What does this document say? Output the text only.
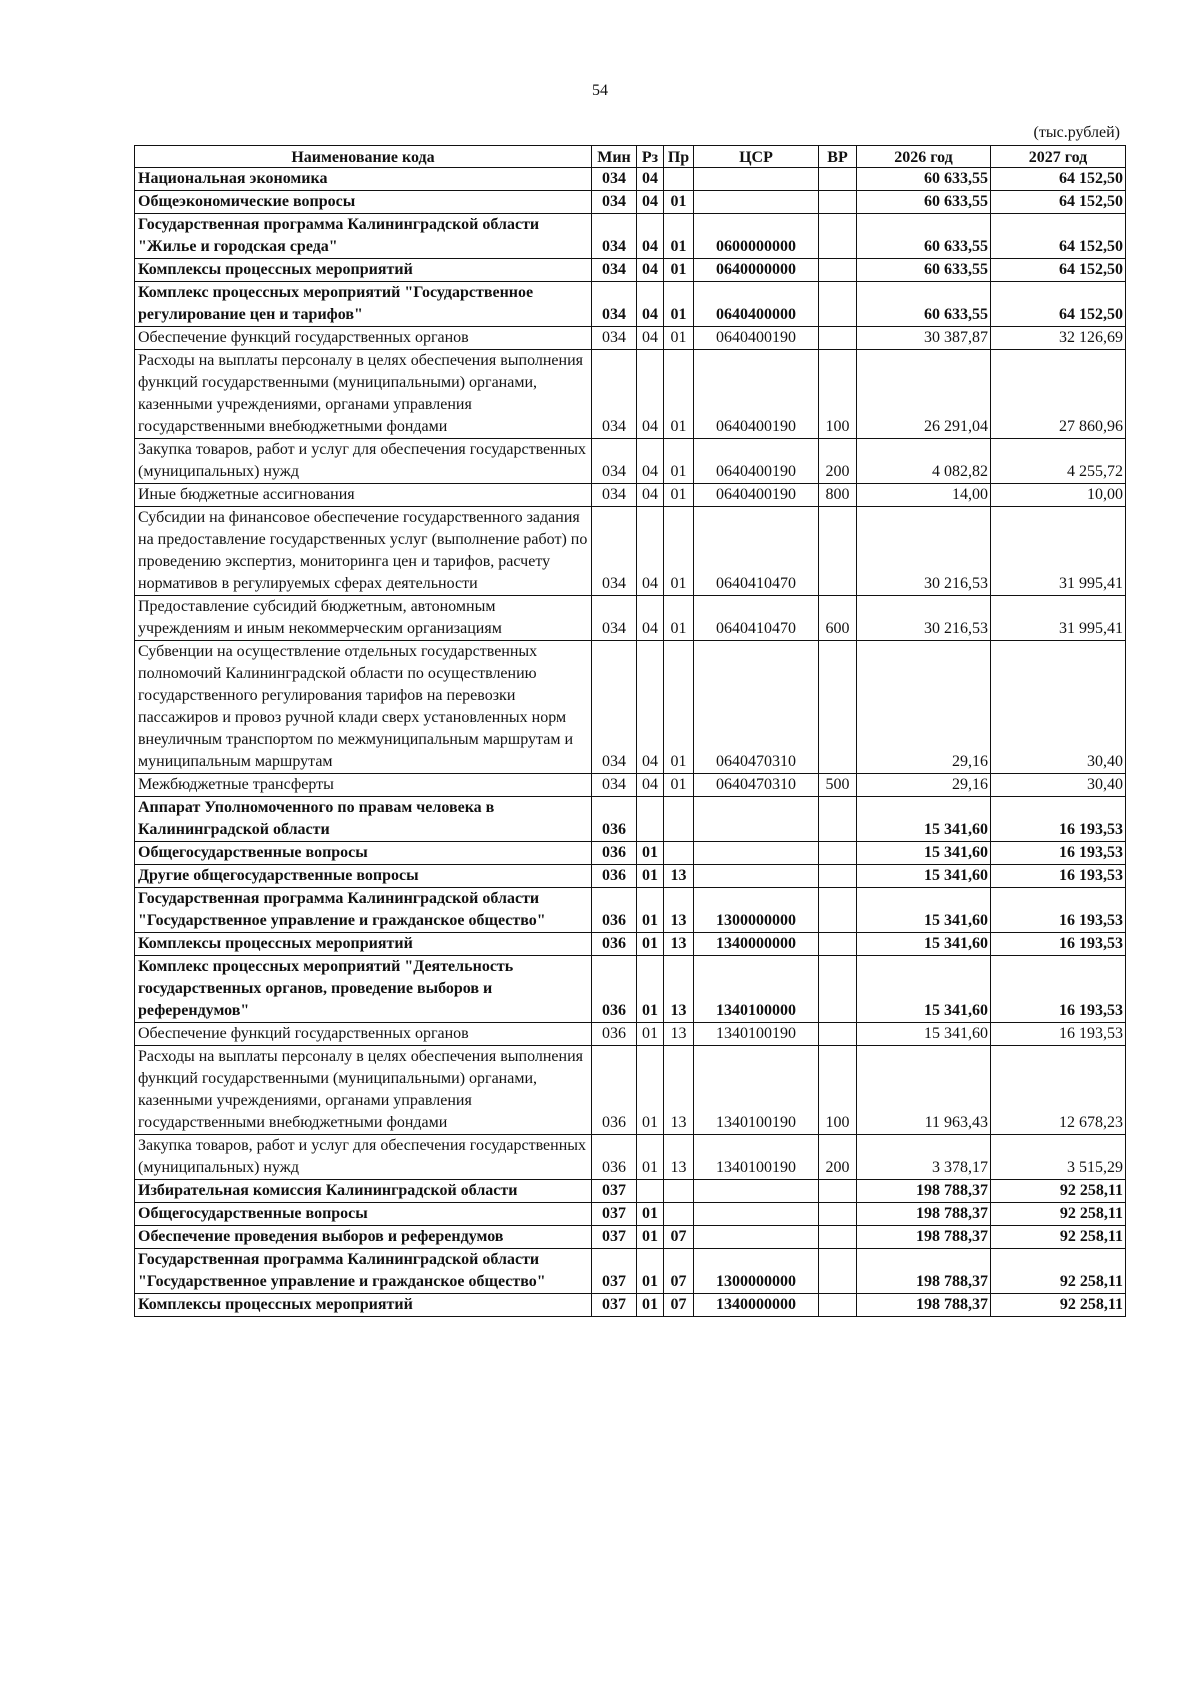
54
(тыс.рублей)
Наименование кода	Мин	Рз	Пр	ЦСР	ВР	2026 год	2027 год
Национальная экономика	034	04				60 633,55	64 152,50
Общеэкономические вопросы	034	04	01			60 633,55	64 152,50
Государственная программа Калининградской области "Жилье и городская среда"	034	04	01	0600000000		60 633,55	64 152,50
Комплексы процессных мероприятий	034	04	01	0640000000		60 633,55	64 152,50
Комплекс процессных мероприятий "Государственное регулирование цен и тарифов"	034	04	01	0640400000		60 633,55	64 152,50
Обеспечение функций государственных органов	034	04	01	0640400190		30 387,87	32 126,69
Расходы на выплаты персоналу в целях обеспечения выполнения функций государственными (муниципальными) органами, казенными учреждениями, органами управления государственными внебюджетными фондами	034	04	01	0640400190	100	26 291,04	27 860,96
Закупка товаров, работ и услуг для обеспечения государственных (муниципальных) нужд	034	04	01	0640400190	200	4 082,82	4 255,72
Иные бюджетные ассигнования	034	04	01	0640400190	800	14,00	10,00
Субсидии на финансовое обеспечение государственного задания на предоставление государственных услуг (выполнение работ) по проведению экспертиз, мониторинга цен и тарифов, расчету нормативов в регулируемых сферах деятельности	034	04	01	0640410470		30 216,53	31 995,41
Предоставление субсидий бюджетным, автономным учреждениям и иным некоммерческим организациям	034	04	01	0640410470	600	30 216,53	31 995,41
Субвенции на осуществление отдельных государственных полномочий Калининградской области по осуществлению государственного регулирования тарифов на перевозки пассажиров и провоз ручной клади сверх установленных норм внеуличным транспортом по межмуниципальным маршрутам и муниципальным маршрутам	034	04	01	0640470310		29,16	30,40
Межбюджетные трансферты	034	04	01	0640470310	500	29,16	30,40
Аппарат Уполномоченного по правам человека в Калининградской области	036					15 341,60	16 193,53
Общегосударственные вопросы	036	01				15 341,60	16 193,53
Другие общегосударственные вопросы	036	01	13			15 341,60	16 193,53
Государственная программа Калининградской области "Государственное управление и гражданское общество"	036	01	13	1300000000		15 341,60	16 193,53
Комплексы процессных мероприятий	036	01	13	1340000000		15 341,60	16 193,53
Комплекс процессных мероприятий "Деятельность государственных органов, проведение выборов и референдумов"	036	01	13	1340100000		15 341,60	16 193,53
Обеспечение функций государственных органов	036	01	13	1340100190		15 341,60	16 193,53
Расходы на выплаты персоналу в целях обеспечения выполнения функций государственными (муниципальными) органами, казенными учреждениями, органами управления государственными внебюджетными фондами	036	01	13	1340100190	100	11 963,43	12 678,23
Закупка товаров, работ и услуг для обеспечения государственных (муниципальных) нужд	036	01	13	1340100190	200	3 378,17	3 515,29
Избирательная комиссия Калининградской области	037					198 788,37	92 258,11
Общегосударственные вопросы	037	01				198 788,37	92 258,11
Обеспечение проведения выборов и референдумов	037	01	07			198 788,37	92 258,11
Государственная программа Калининградской области "Государственное управление и гражданское общество"	037	01	07	1300000000		198 788,37	92 258,11
Комплексы процессных мероприятий	037	01	07	1340000000		198 788,37	92 258,11
